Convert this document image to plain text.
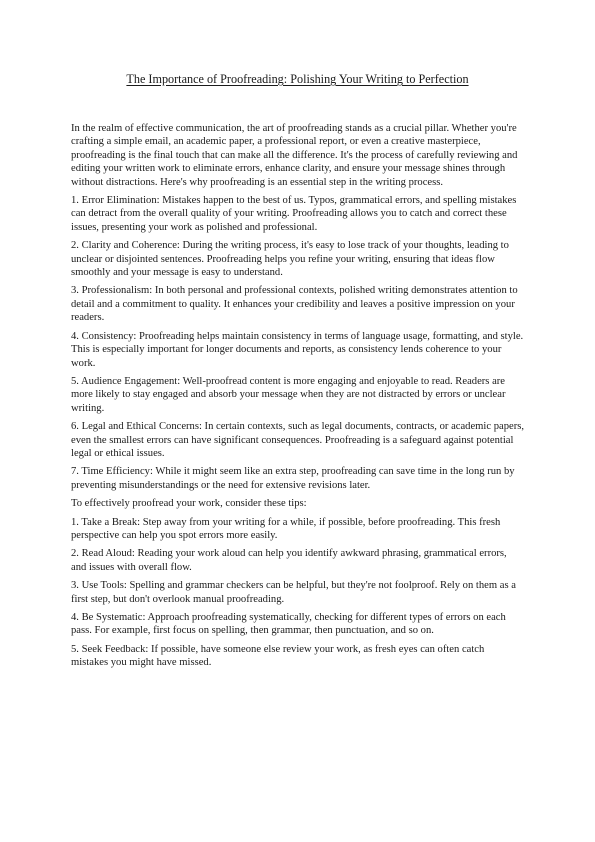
The Importance of Proofreading: Polishing Your Writing to Perfection

In the realm of effective communication, the art of proofreading stands as a crucial pillar. Whether you're crafting a simple email, an academic paper, a professional report, or even a creative masterpiece, proofreading is the final touch that can make all the difference. It's the process of carefully reviewing and editing your written work to eliminate errors, enhance clarity, and ensure your message shines through without distractions. Here's why proofreading is an essential step in the writing process.

1. Error Elimination: Mistakes happen to the best of us. Typos, grammatical errors, and spelling mistakes can detract from the overall quality of your writing. Proofreading allows you to catch and correct these issues, presenting your work as polished and professional.

2. Clarity and Coherence: During the writing process, it's easy to lose track of your thoughts, leading to unclear or disjointed sentences. Proofreading helps you refine your writing, ensuring that ideas flow smoothly and your message is easy to understand.

3. Professionalism: In both personal and professional contexts, polished writing demonstrates attention to detail and a commitment to quality. It enhances your credibility and leaves a positive impression on your readers.

4. Consistency: Proofreading helps maintain consistency in terms of language usage, formatting, and style. This is especially important for longer documents and reports, as consistency lends coherence to your work.

5. Audience Engagement: Well-proofread content is more engaging and enjoyable to read. Readers are more likely to stay engaged and absorb your message when they are not distracted by errors or unclear writing.

6. Legal and Ethical Concerns: In certain contexts, such as legal documents, contracts, or academic papers, even the smallest errors can have significant consequences. Proofreading is a safeguard against potential legal or ethical issues.

7. Time Efficiency: While it might seem like an extra step, proofreading can save time in the long run by preventing misunderstandings or the need for extensive revisions later.

To effectively proofread your work, consider these tips:

1. Take a Break: Step away from your writing for a while, if possible, before proofreading. This fresh perspective can help you spot errors more easily.

2. Read Aloud: Reading your work aloud can help you identify awkward phrasing, grammatical errors, and issues with overall flow.

3. Use Tools: Spelling and grammar checkers can be helpful, but they're not foolproof. Rely on them as a first step, but don't overlook manual proofreading.

4. Be Systematic: Approach proofreading systematically, checking for different types of errors on each pass. For example, first focus on spelling, then grammar, then punctuation, and so on.

5. Seek Feedback: If possible, have someone else review your work, as fresh eyes can often catch mistakes you might have missed.
